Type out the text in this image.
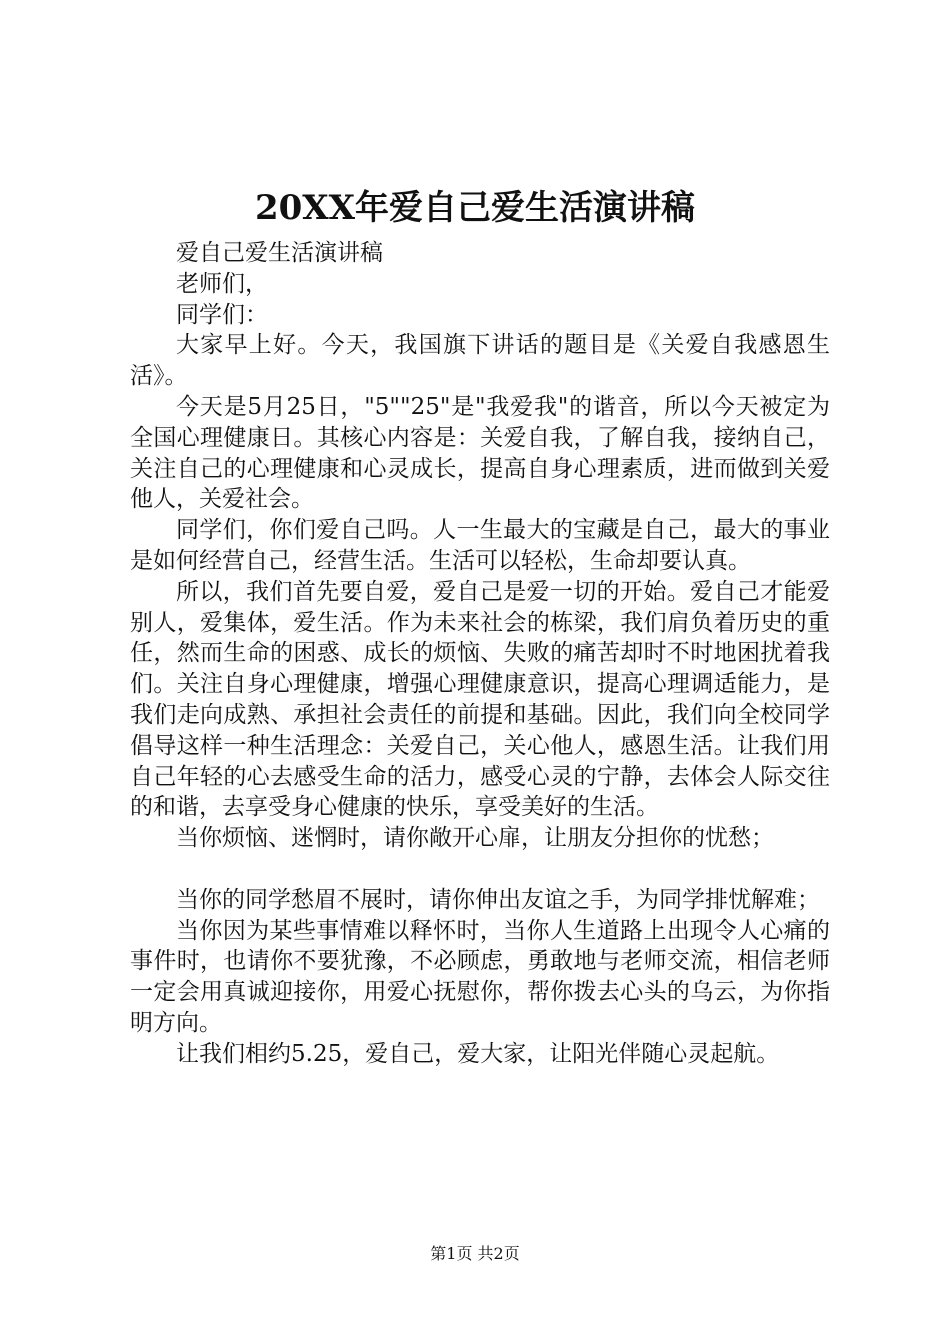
20XX年爱自己爱生活演讲稿

爱自己爱生活演讲稿

老师们，

同学们：

大家早上好。今天，我国旗下讲话的题目是《关爱自我感恩生活》。

今天是5月25日，"5""25"是"我爱我"的谐音，所以今天被定为全国心理健康日。其核心内容是：关爱自我，了解自我，接纳自己，关注自己的心理健康和心灵成长，提高自身心理素质，进而做到关爱他人，关爱社会。

同学们，你们爱自己吗。人一生最大的宝藏是自己，最大的事业是如何经营自己，经营生活。生活可以轻松，生命却要认真。

所以，我们首先要自爱，爱自己是爱一切的开始。爱自己才能爱别人，爱集体，爱生活。作为未来社会的栋梁，我们肩负着历史的重任，然而生命的困惑、成长的烦恼、失败的痛苦却时不时地困扰着我们。关注自身心理健康，增强心理健康意识，提高心理调适能力，是我们走向成熟、承担社会责任的前提和基础。因此，我们向全校同学倡导这样一种生活理念：关爱自己，关心他人，感恩生活。让我们用自己年轻的心去感受生命的活力，感受心灵的宁静，去体会人际交往的和谐，去享受身心健康的快乐，享受美好的生活。

当你烦恼、迷惘时，请你敞开心扉，让朋友分担你的忧愁；

当你的同学愁眉不展时，请你伸出友谊之手，为同学排忧解难；

当你因为某些事情难以释怀时，当你人生道路上出现令人心痛的事件时，也请你不要犹豫，不必顾虑，勇敢地与老师交流，相信老师一定会用真诚迎接你，用爱心抚慰你，帮你拨去心头的乌云，为你指明方向。

让我们相约5.25，爱自己，爱大家，让阳光伴随心灵起航。

第1页 共2页
